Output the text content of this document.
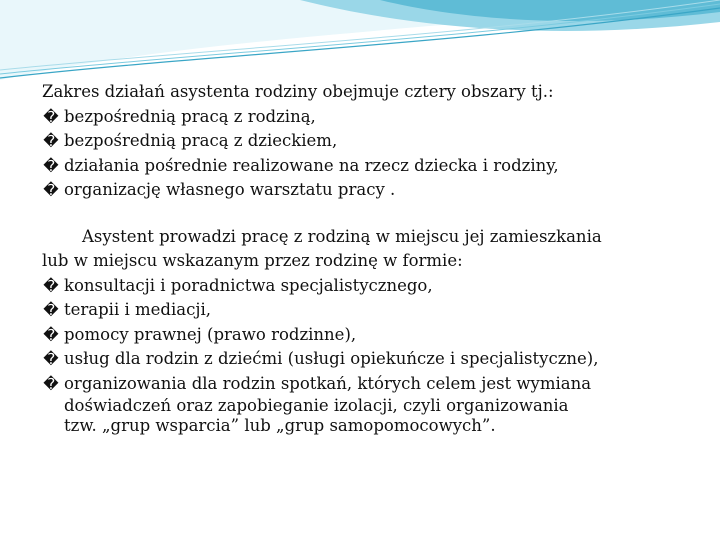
Zakres działań asystenta rodziny obejmuje cztery obszary tj.:
� bezpośrednią pracą z rodziną,
� bezpośrednią pracą z dzieckiem,
� działania pośrednie realizowane na rzecz dziecka i rodziny,
� organizację własnego warsztatu pracy .
Asystent prowadzi pracę z rodziną w miejscu jej zamieszkania
lub w miejscu wskazanym przez rodzinę w formie:
� konsultacji i poradnictwa specjalistycznego,
� terapii i mediacji,
� pomocy prawnej (prawo rodzinne),
� usług dla rodzin z dziećmi (usługi opiekuńcze i specjalistyczne),
� organizowania dla rodzin spotkań, których celem jest wymiana
doświadczeń oraz zapobieganie izolacji, czyli organizowania
tzw. „grup wsparcia” lub „grup samopomocowych”.
